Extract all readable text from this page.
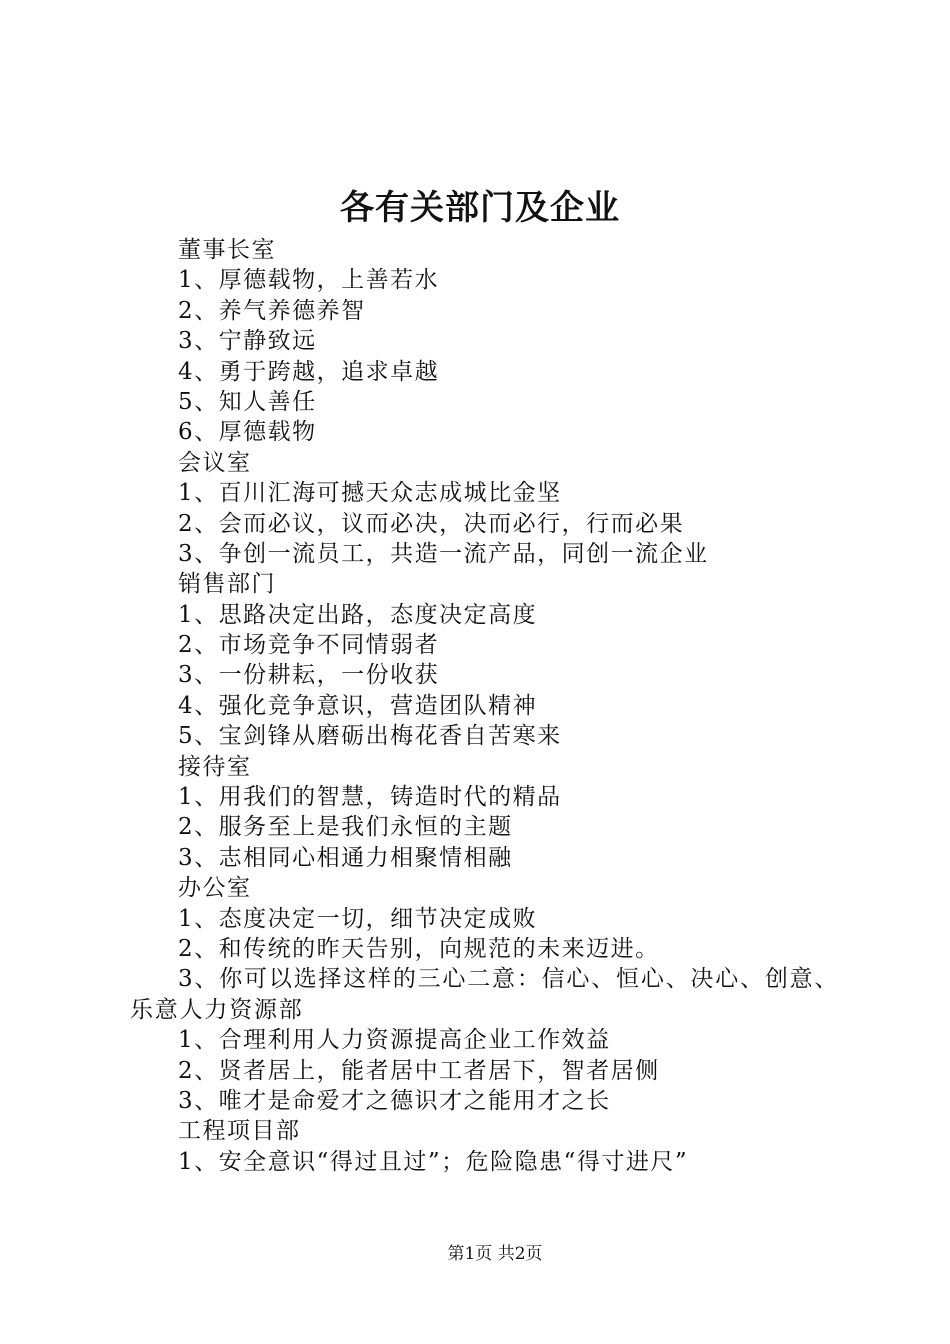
各有关部门及企业
董事长室
1、厚德载物，上善若水
2、养气养德养智
3、宁静致远
4、勇于跨越，追求卓越
5、知人善任
6、厚德载物
会议室
1、百川汇海可撼天众志成城比金坚
2、会而必议，议而必决，决而必行，行而必果
3、争创一流员工，共造一流产品，同创一流企业
销售部门
1、思路决定出路，态度决定高度
2、市场竞争不同情弱者
3、一份耕耘，一份收获
4、强化竞争意识，营造团队精神
5、宝剑锋从磨砺出梅花香自苦寒来
接待室
1、用我们的智慧，铸造时代的精品
2、服务至上是我们永恒的主题
3、志相同心相通力相聚情相融
办公室
1、态度决定一切，细节决定成败
2、和传统的昨天告别，向规范的未来迈进。
3、你可以选择这样的三心二意：信心、恒心、决心、创意、乐意人力资源部
1、合理利用人力资源提高企业工作效益
2、贤者居上，能者居中工者居下，智者居侧
3、唯才是命爱才之德识才之能用才之长
工程项目部
1、安全意识“得过且过”；危险隐患“得寸进尺”
第1页 共2页
